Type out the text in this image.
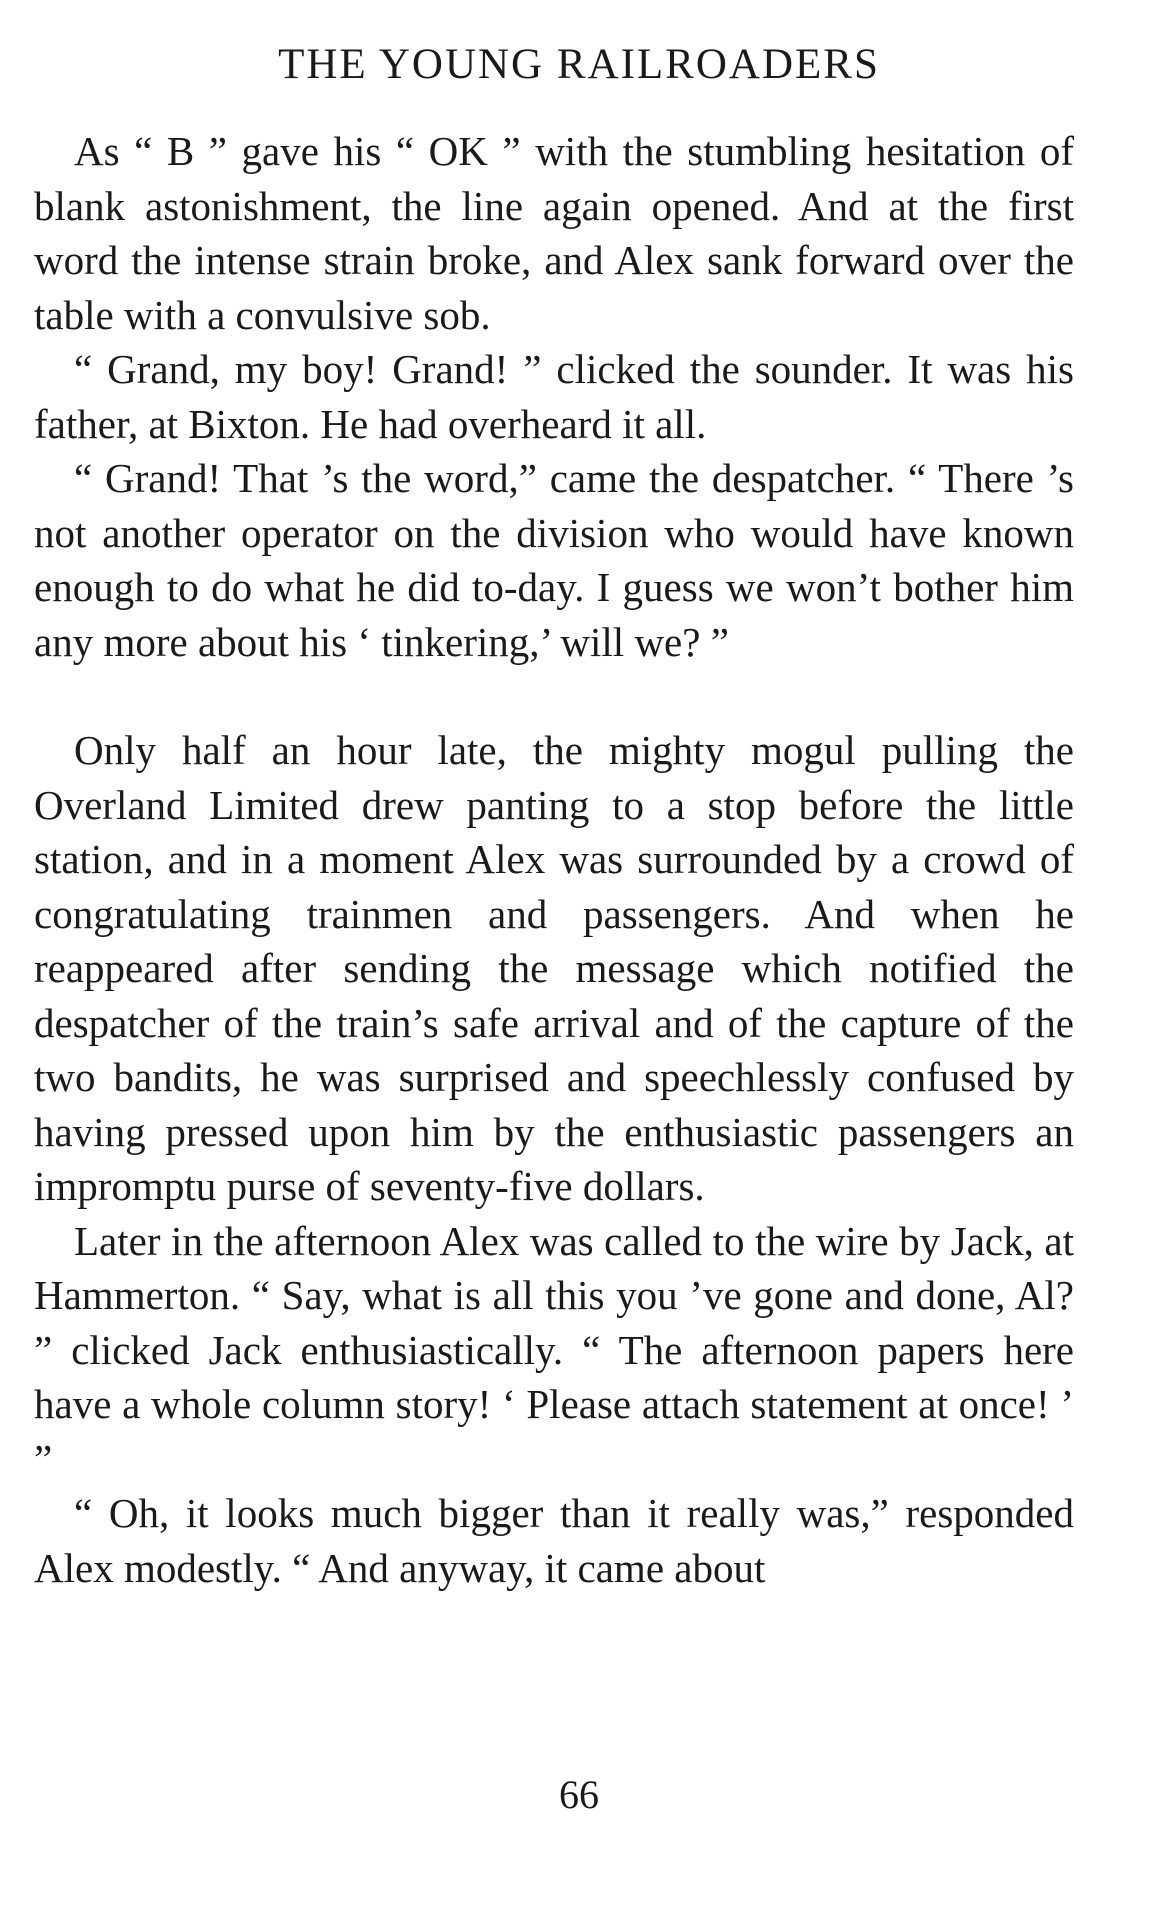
THE YOUNG RAILROADERS

As “ B ” gave his “ OK ” with the stumbling hesitation of blank astonishment, the line again opened. And at the first word the intense strain broke, and Alex sank forward over the table with a convulsive sob.

“ Grand, my boy! Grand! ” clicked the sounder. It was his father, at Bixton. He had overheard it all.

“ Grand! That ’s the word,” came the despatcher. “ There ’s not another operator on the division who would have known enough to do what he did to-day. I guess we won’t bother him any more about his ‘ tinkering,’ will we? ”

Only half an hour late, the mighty mogul pulling the Overland Limited drew panting to a stop before the little station, and in a moment Alex was surrounded by a crowd of congratulating trainmen and passengers. And when he reappeared after sending the message which notified the despatcher of the train’s safe arrival and of the capture of the two bandits, he was surprised and speechlessly confused by having pressed upon him by the enthusiastic passengers an impromptu purse of seventy-five dollars.

Later in the afternoon Alex was called to the wire by Jack, at Hammerton. “ Say, what is all this you ’ve gone and done, Al? ” clicked Jack enthusiastically. “ The afternoon papers here have a whole column story! ‘ Please attach statement at once! ’ ”

“ Oh, it looks much bigger than it really was,” responded Alex modestly. “ And anyway, it came about

66
